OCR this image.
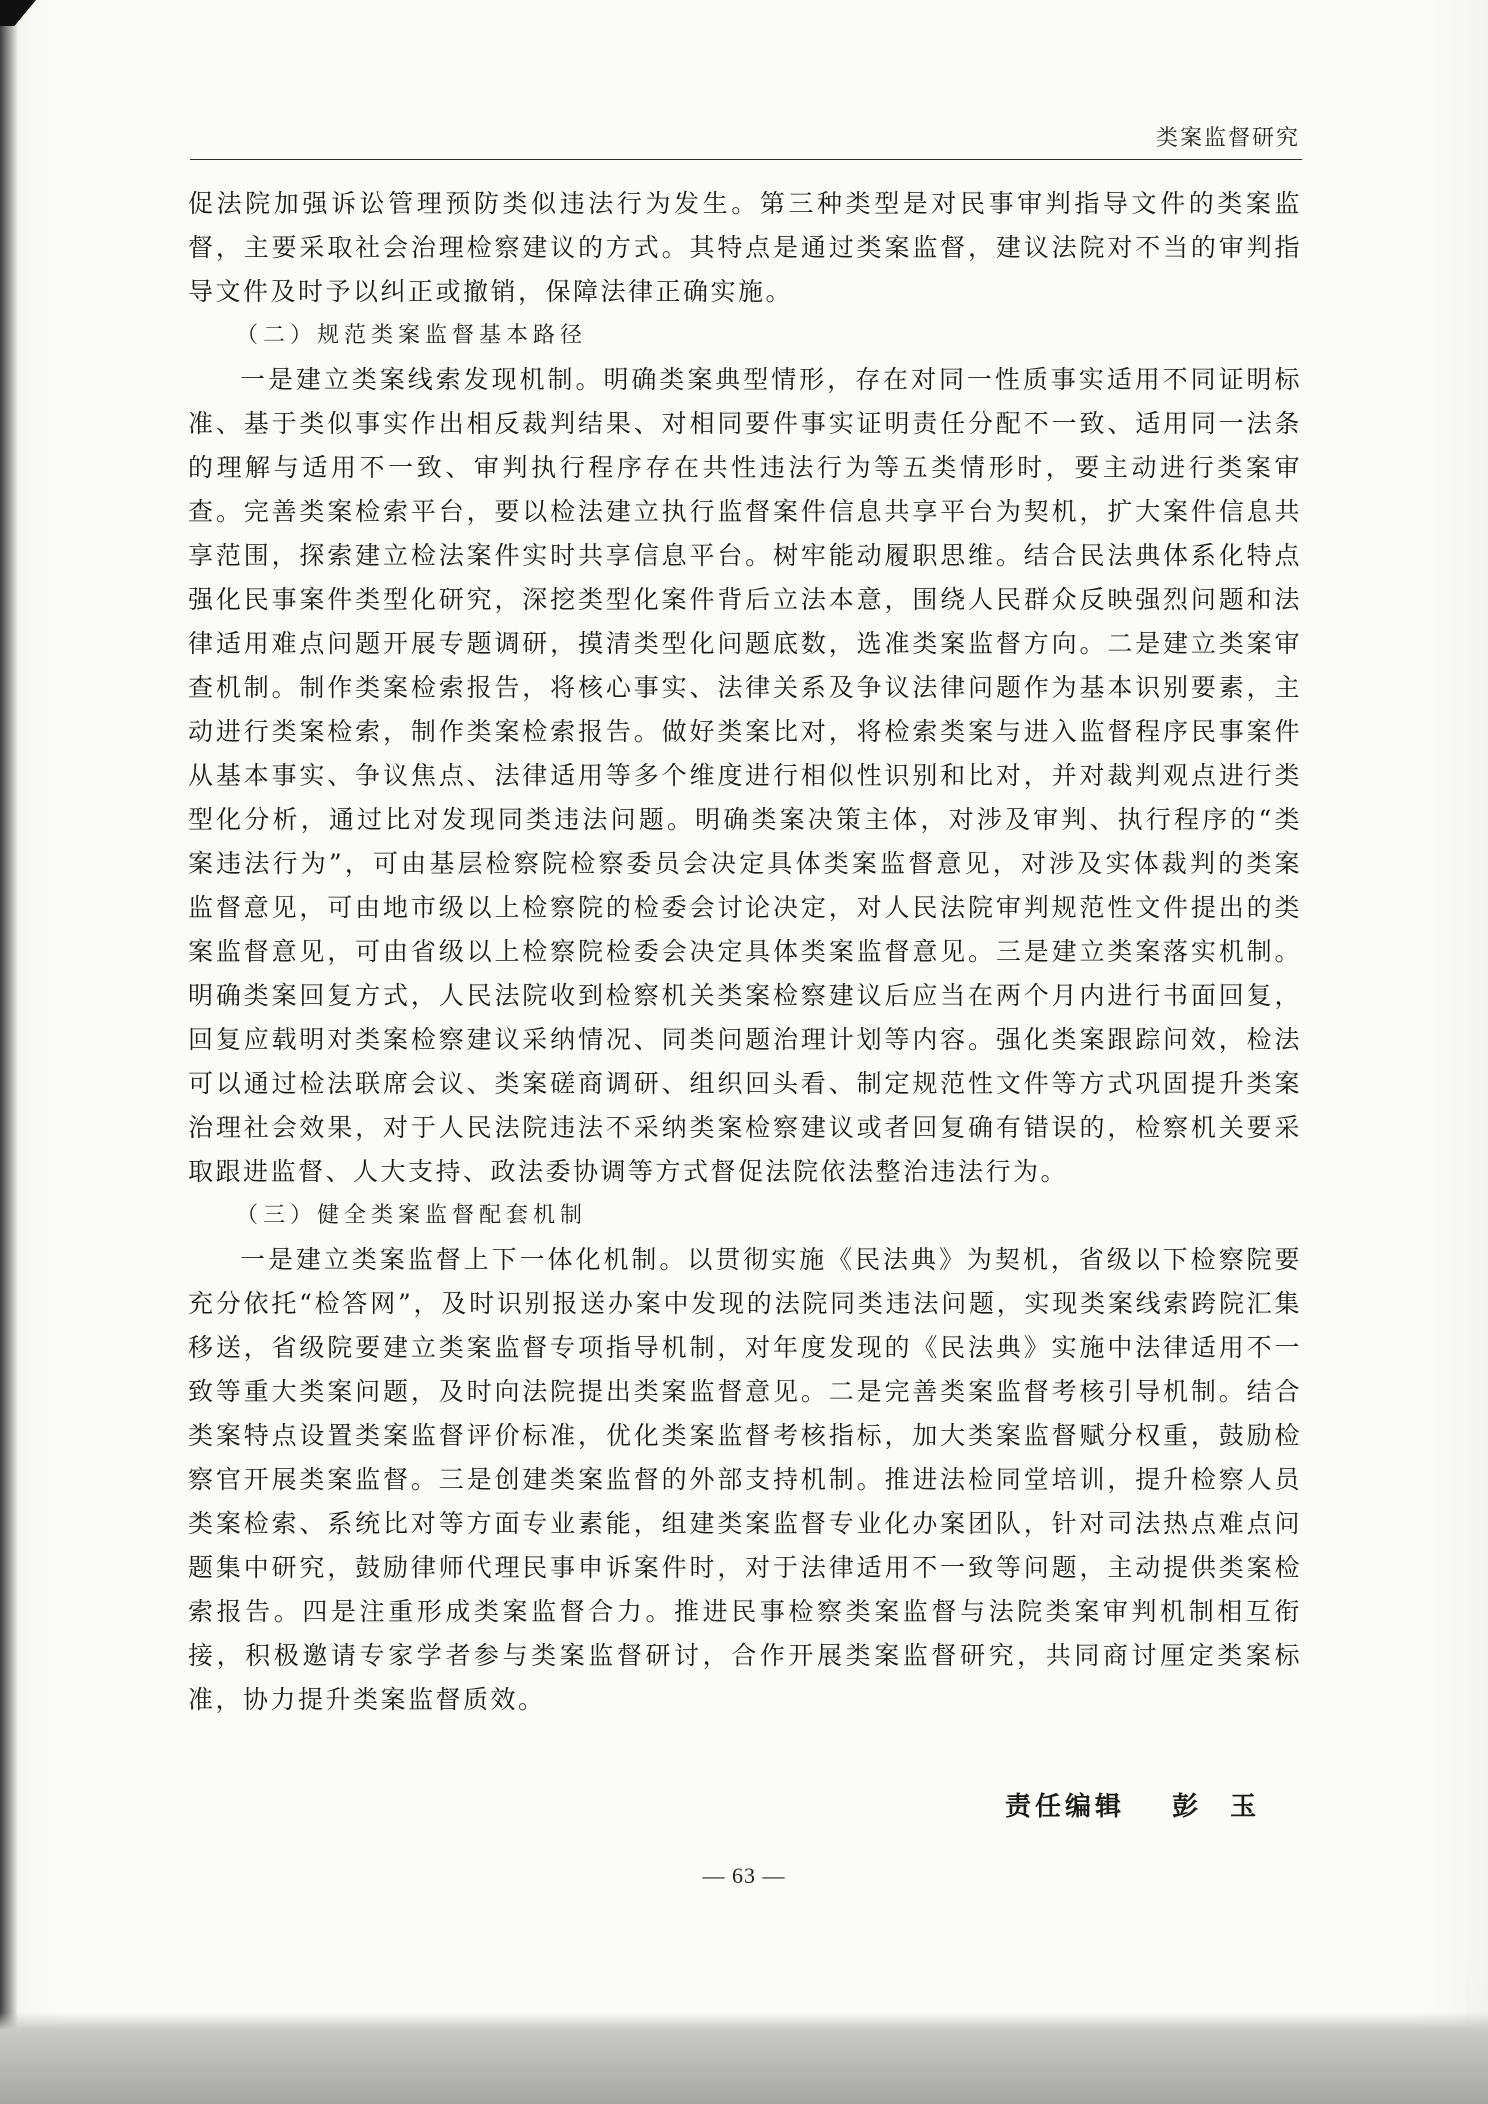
类案监督研究

促法院加强诉讼管理预防类似违法行为发生。第三种类型是对民事审判指导文件的类案监督，主要采取社会治理检察建议的方式。其特点是通过类案监督，建议法院对不当的审判指导文件及时予以纠正或撤销，保障法律正确实施。

（二）规范类案监督基本路径

一是建立类案线索发现机制。明确类案典型情形，存在对同一性质事实适用不同证明标准、基于类似事实作出相反裁判结果、对相同要件事实证明责任分配不一致、适用同一法条的理解与适用不一致、审判执行程序存在共性违法行为等五类情形时，要主动进行类案审查。完善类案检索平台，要以检法建立执行监督案件信息共享平台为契机，扩大案件信息共享范围，探索建立检法案件实时共享信息平台。树牢能动履职思维。结合民法典体系化特点强化民事案件类型化研究，深挖类型化案件背后立法本意，围绕人民群众反映强烈问题和法律适用难点问题开展专题调研，摸清类型化问题底数，选准类案监督方向。二是建立类案审查机制。制作类案检索报告，将核心事实、法律关系及争议法律问题作为基本识别要素，主动进行类案检索，制作类案检索报告。做好类案比对，将检索类案与进入监督程序民事案件从基本事实、争议焦点、法律适用等多个维度进行相似性识别和比对，并对裁判观点进行类型化分析，通过比对发现同类违法问题。明确类案决策主体，对涉及审判、执行程序的“类案违法行为”，可由基层检察院检察委员会决定具体类案监督意见，对涉及实体裁判的类案监督意见，可由地市级以上检察院的检委会讨论决定，对人民法院审判规范性文件提出的类案监督意见，可由省级以上检察院检委会决定具体类案监督意见。三是建立类案落实机制。明确类案回复方式，人民法院收到检察机关类案检察建议后应当在两个月内进行书面回复，回复应载明对类案检察建议采纳情况、同类问题治理计划等内容。强化类案跟踪问效，检法可以通过检法联席会议、类案磋商调研、组织回头看、制定规范性文件等方式巩固提升类案治理社会效果，对于人民法院违法不采纳类案检察建议或者回复确有错误的，检察机关要采取跟进监督、人大支持、政法委协调等方式督促法院依法整治违法行为。

（三）健全类案监督配套机制

一是建立类案监督上下一体化机制。以贯彻实施《民法典》为契机，省级以下检察院要充分依托“检答网”，及时识别报送办案中发现的法院同类违法问题，实现类案线索跨院汇集移送，省级院要建立类案监督专项指导机制，对年度发现的《民法典》实施中法律适用不一致等重大类案问题，及时向法院提出类案监督意见。二是完善类案监督考核引导机制。结合类案特点设置类案监督评价标准，优化类案监督考核指标，加大类案监督赋分权重，鼓励检察官开展类案监督。三是创建类案监督的外部支持机制。推进法检同堂培训，提升检察人员类案检索、系统比对等方面专业素能，组建类案监督专业化办案团队，针对司法热点难点问题集中研究，鼓励律师代理民事申诉案件时，对于法律适用不一致等问题，主动提供类案检索报告。四是注重形成类案监督合力。推进民事检察类案监督与法院类案审判机制相互衔接，积极邀请专家学者参与类案监督研讨，合作开展类案监督研究，共同商讨厘定类案标准，协力提升类案监督质效。

责任编辑 彭玉
— 63 —
